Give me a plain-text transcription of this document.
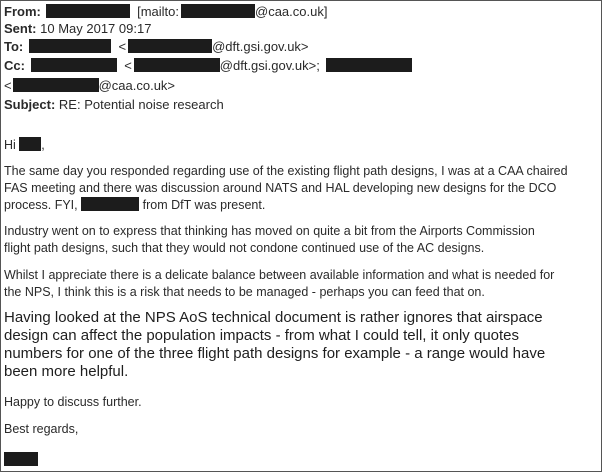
From:	[mailto:	@caa.co.uk]
Sent: 10 May 2017 09:17
To:	<	@dft.gsi.gov.uk>
Cc:	<	@dft.gsi.gov.uk>;
<	@caa.co.uk>
Subject: RE: Potential noise research

Hi ,

The same day you responded regarding use of the existing flight path designs, I was at a CAA chaired
FAS meeting and there was discussion around NATS and HAL developing new designs for the DCO
process. FYI,	from DfT was present.

Industry went on to express that thinking has moved on quite a bit from the Airports Commission
flight path designs, such that they would not condone continued use of the AC designs.

Whilst I appreciate there is a delicate balance between available information and what is needed for
the NPS, I think this is a risk that needs to be managed - perhaps you can feed that on.

Having looked at the NPS AoS technical document is rather ignores that airspace
design can affect the population impacts - from what I could tell, it only quotes
numbers for one of the three flight path designs for example - a range would have
been more helpful.

Happy to discuss further.

Best regards,
